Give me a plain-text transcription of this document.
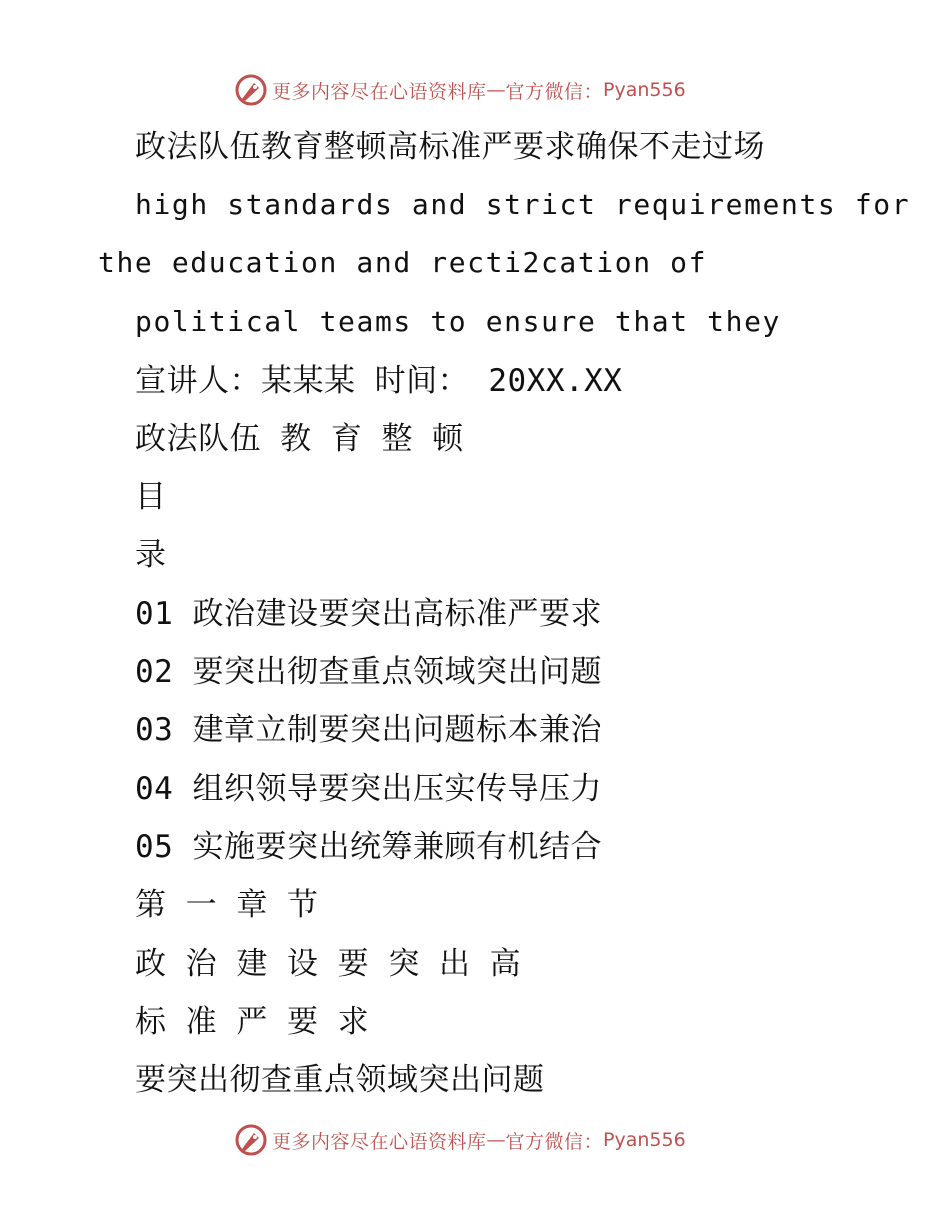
更多内容尽在心语资料库 — 官方微信： Pyan556
政法队伍教育整顿高标准严要求确保不走过场
high standards and strict requirements for
the education and recti2cation of
political teams to ensure that they
宣讲人：某某某 时间： 20XX.XX
政法队伍 教 育 整 顿
目
录
01 政治建设要突出高标准严要求
02 要突出彻查重点领域突出问题
03 建章立制要突出问题标本兼治
04 组织领导要突出压实传导压力
05 实施要突出统筹兼顾有机结合
第 一 章 节
政 治 建 设 要 突 出 高
标 准 严 要 求
要突出彻查重点领域突出问题
更多内容尽在心语资料库 — 官方微信： Pyan556
